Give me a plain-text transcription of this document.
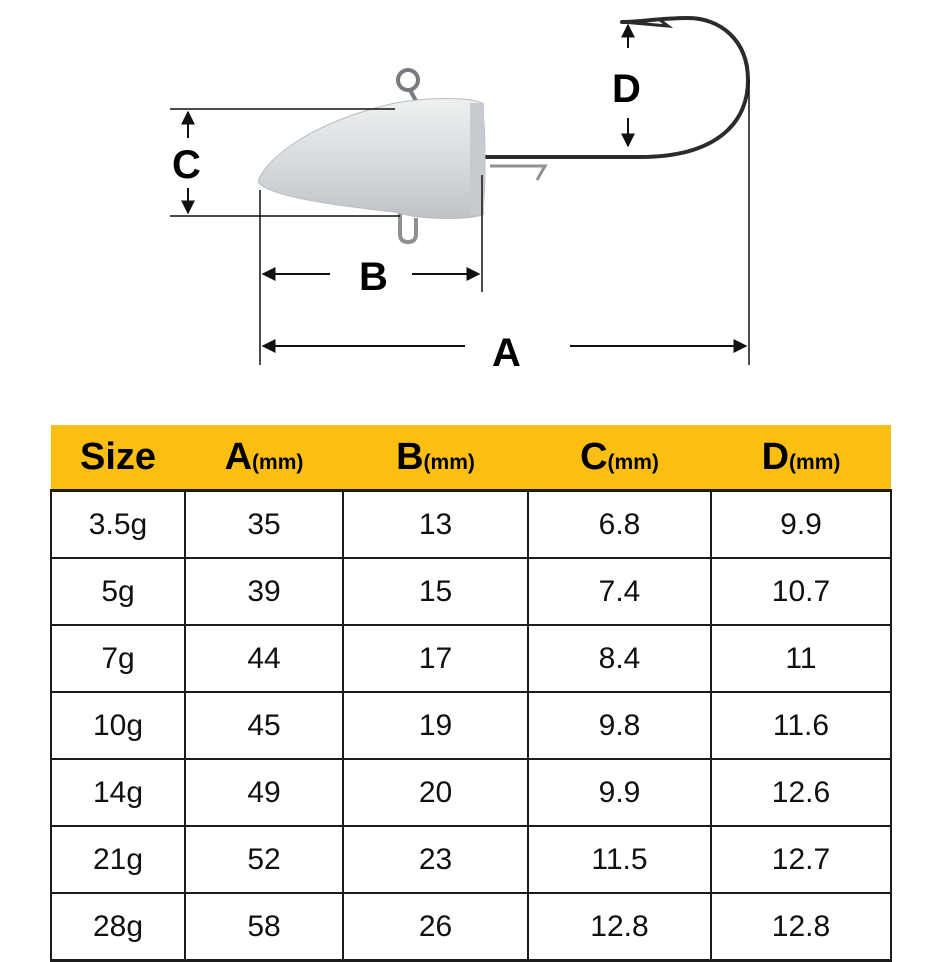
C
B
A
D
Size	A(mm)	B(mm)	C(mm)	D(mm)
3.5g	35	13	6.8	9.9
5g	39	15	7.4	10.7
7g	44	17	8.4	11
10g	45	19	9.8	11.6
14g	49	20	9.9	12.6
21g	52	23	11.5	12.7
28g	58	26	12.8	12.8
